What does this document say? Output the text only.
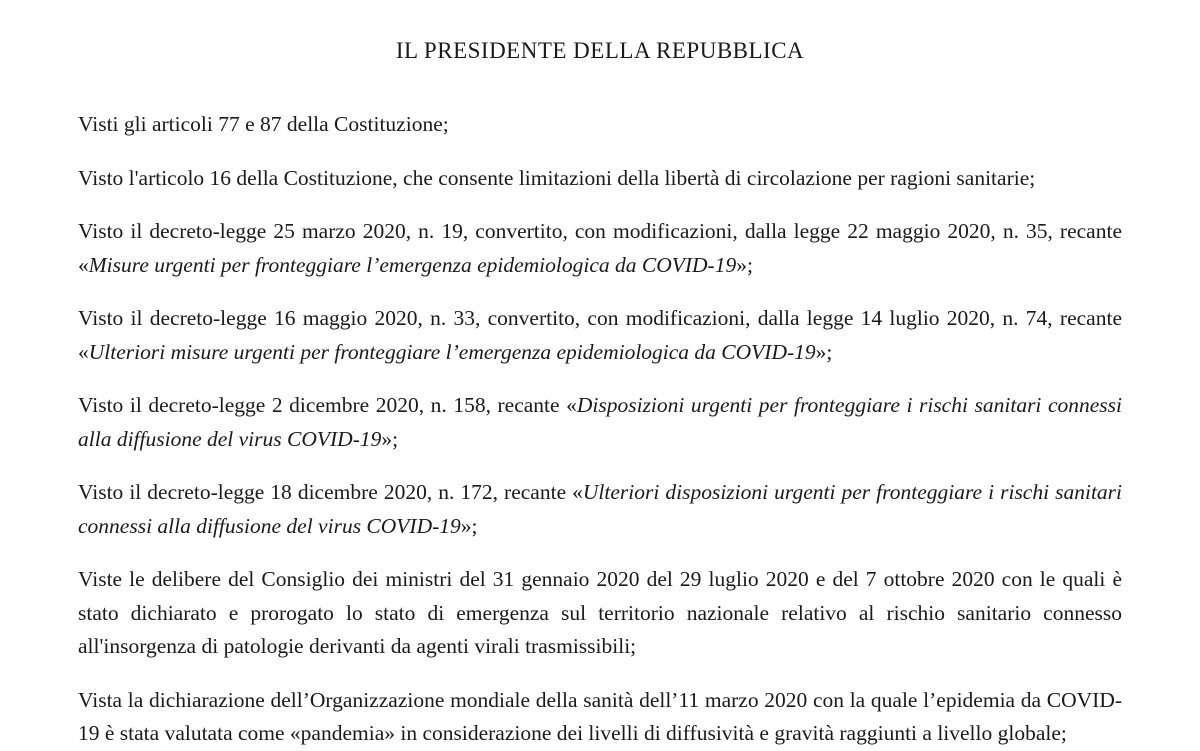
IL PRESIDENTE DELLA REPUBBLICA

Visti gli articoli 77 e 87 della Costituzione;

Visto l'articolo 16 della Costituzione, che consente limitazioni della libertà di circolazione per ragioni sanitarie;

Visto il decreto-legge 25 marzo 2020, n. 19, convertito, con modificazioni, dalla legge 22 maggio 2020, n. 35, recante «Misure urgenti per fronteggiare l’emergenza epidemiologica da COVID-19»;

Visto il decreto-legge 16 maggio 2020, n. 33, convertito, con modificazioni, dalla legge 14 luglio 2020, n. 74, recante «Ulteriori misure urgenti per fronteggiare l’emergenza epidemiologica da COVID-19»;

Visto il decreto-legge 2 dicembre 2020, n. 158, recante «Disposizioni urgenti per fronteggiare i rischi sanitari connessi alla diffusione del virus COVID-19»;

Visto il decreto-legge 18 dicembre 2020, n. 172, recante «Ulteriori disposizioni urgenti per fronteggiare i rischi sanitari connessi alla diffusione del virus COVID-19»;

Viste le delibere del Consiglio dei ministri del 31 gennaio 2020 del 29 luglio 2020 e del 7 ottobre 2020 con le quali è stato dichiarato e prorogato lo stato di emergenza sul territorio nazionale relativo al rischio sanitario connesso all'insorgenza di patologie derivanti da agenti virali trasmissibili;

Vista la dichiarazione dell’Organizzazione mondiale della sanità dell’11 marzo 2020 con la quale l’epidemia da COVID-19 è stata valutata come «pandemia» in considerazione dei livelli di diffusività e gravità raggiunti a livello globale;
